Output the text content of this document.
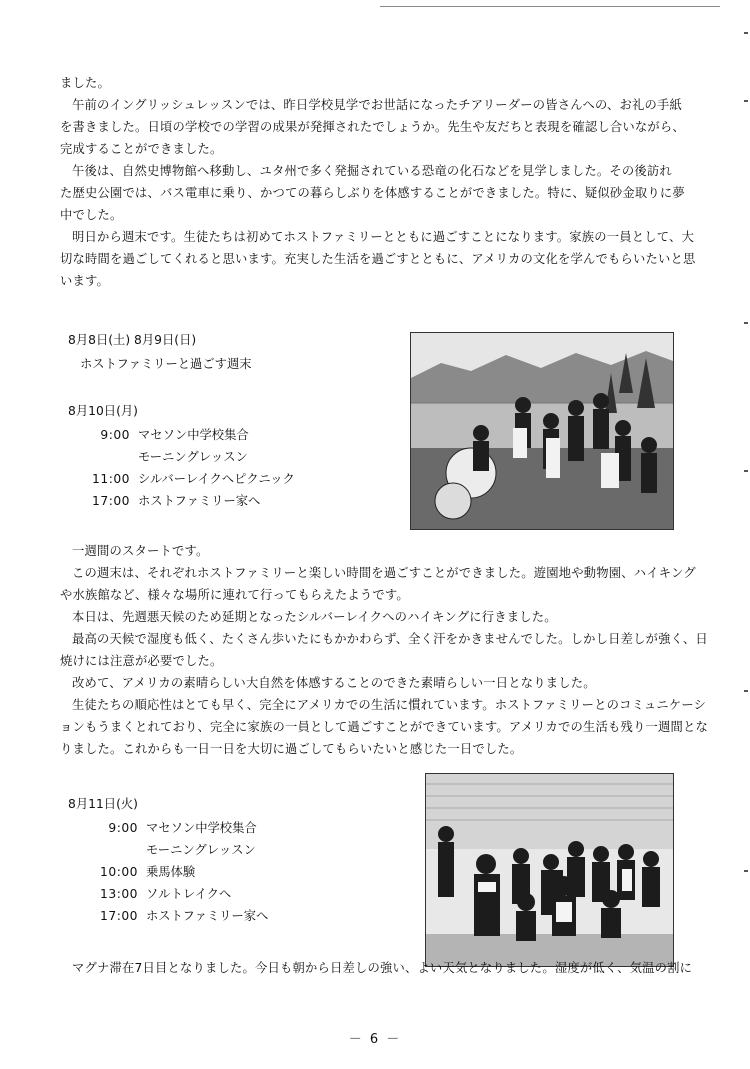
ました。
午前のイングリッシュレッスンでは、昨日学校見学でお世話になったチアリーダーの皆さんへの、お礼の手紙
を書きました。日頃の学校での学習の成果が発揮されたでしょうか。先生や友だちと表現を確認し合いながら、
完成することができました。
午後は、自然史博物館へ移動し、ユタ州で多く発掘されている恐竜の化石などを見学しました。その後訪れ
た歴史公園では、バス電車に乗り、かつての暮らしぶりを体感することができました。特に、疑似砂金取りに夢
中でした。
明日から週末です。生徒たちは初めてホストファミリーとともに過ごすことになります。家族の一員として、大
切な時間を過ごしてくれると思います。充実した生活を過ごすとともに、アメリカの文化を学んでもらいたいと思
います。
8月8日(土) 8月9日(日)
ホストファミリーと過ごす週末
8月10日(月)
9:00 マセソン中学校集合
モーニングレッスン
11:00 シルバーレイクへピクニック
17:00 ホストファミリー家へ
一週間のスタートです。
この週末は、それぞれホストファミリーと楽しい時間を過ごすことができました。遊園地や動物園、ハイキング
や水族館など、様々な場所に連れて行ってもらえたようです。
本日は、先週悪天候のため延期となったシルバーレイクへのハイキングに行きました。
最高の天候で湿度も低く、たくさん歩いたにもかかわらず、全く汗をかきませんでした。しかし日差しが強く、日
焼けには注意が必要でした。
改めて、アメリカの素晴らしい大自然を体感することのできた素晴らしい一日となりました。
生徒たちの順応性はとても早く、完全にアメリカでの生活に慣れています。ホストファミリーとのコミュニケーシ
ョンもうまくとれており、完全に家族の一員として過ごすことができています。アメリカでの生活も残り一週間とな
りました。これからも一日一日を大切に過ごしてもらいたいと感じた一日でした。
8月11日(火)
9:00 マセソン中学校集合
モーニングレッスン
10:00 乗馬体験
13:00 ソルトレイクへ
17:00 ホストファミリー家へ
マグナ滞在7日目となりました。今日も朝から日差しの強い、よい天気となりました。湿度が低く、気温の割に
－ 6 －
